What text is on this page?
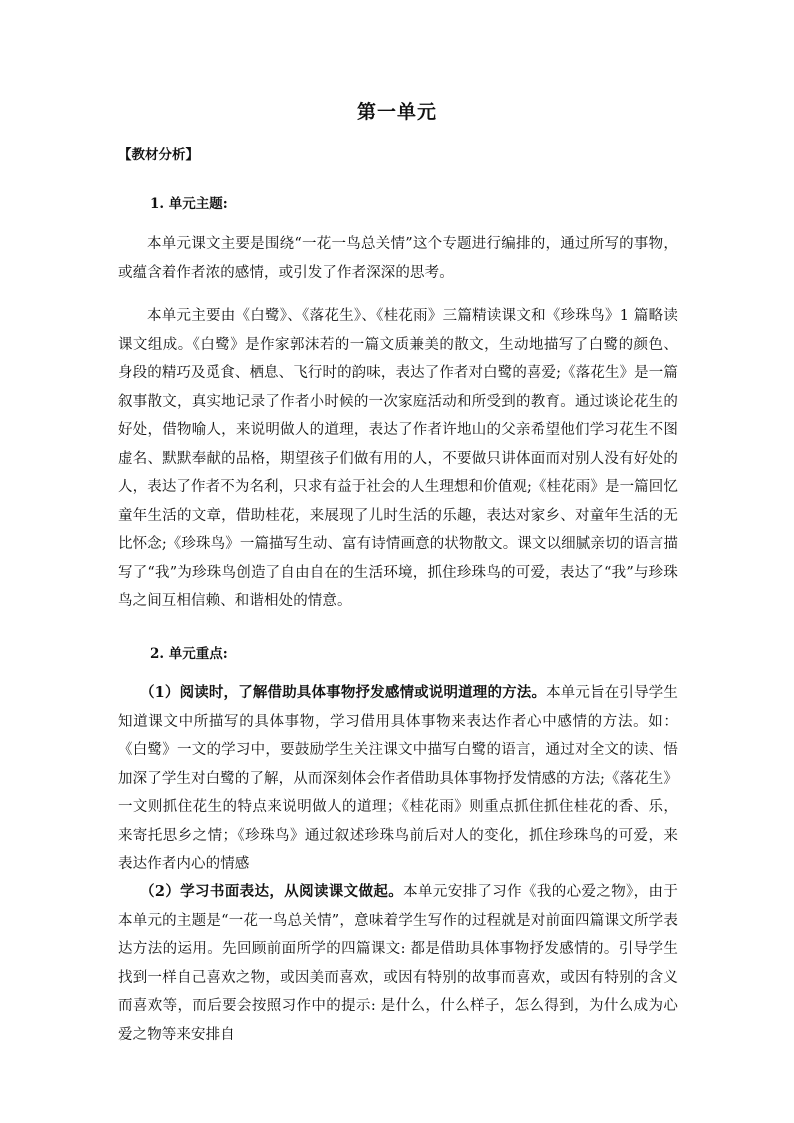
第一单元

【教材分析】

1. 单元主题:

本单元课文主要是围绕“一花一鸟总关情”这个专题进行编排的，通过所写的事物，或蕴含着作者浓的感情，或引发了作者深深的思考。

本单元主要由《白鹭》、《落花生》、《桂花雨》三篇精读课文和《珍珠鸟》1 篇略读课文组成。《白鹭》是作家郭沫若的一篇文质兼美的散文，生动地描写了白鹭的颜色、身段的精巧及觅食、栖息、飞行时的韵味，表达了作者对白鹭的喜爱;《落花生》是一篇叙事散文，真实地记录了作者小时候的一次家庭活动和所受到的教育。通过谈论花生的好处，借物喻人，来说明做人的道理，表达了作者许地山的父亲希望他们学习花生不图虚名、默默奉献的品格，期望孩子们做有用的人，不要做只讲体面而对别人没有好处的人，表达了作者不为名利，只求有益于社会的人生理想和价值观;《桂花雨》是一篇回忆童年生活的文章，借助桂花，来展现了儿时生活的乐趣，表达对家乡、对童年生活的无比怀念;《珍珠鸟》一篇描写生动、富有诗情画意的状物散文。课文以细腻亲切的语言描写了“我”为珍珠鸟创造了自由自在的生活环境，抓住珍珠鸟的可爱，表达了“我”与珍珠鸟之间互相信赖、和谐相处的情意。

2. 单元重点:

（1）阅读时，了解借助具体事物抒发感情或说明道理的方法。本单元旨在引导学生知道课文中所描写的具体事物，学习借用具体事物来表达作者心中感情的方法。如：《白鹭》一文的学习中，要鼓励学生关注课文中描写白鹭的语言，通过对全文的读、悟加深了学生对白鹭的了解，从而深刻体会作者借助具体事物抒发情感的方法;《落花生》一文则抓住花生的特点来说明做人的道理；《桂花雨》则重点抓住抓住桂花的香、乐，来寄托思乡之情；《珍珠鸟》通过叙述珍珠鸟前后对人的变化，抓住珍珠鸟的可爱，来表达作者内心的情感

（2）学习书面表达，从阅读课文做起。本单元安排了习作《我的心爱之物》，由于本单元的主题是“一花一鸟总关情”，意味着学生写作的过程就是对前面四篇课文所学表达方法的运用。先回顾前面所学的四篇课文: 都是借助具体事物抒发感情的。引导学生找到一样自己喜欢之物，或因美而喜欢，或因有特别的故事而喜欢，或因有特别的含义而喜欢等，而后要会按照习作中的提示: 是什么，什么样子，怎么得到，为什么成为心爱之物等来安排自
